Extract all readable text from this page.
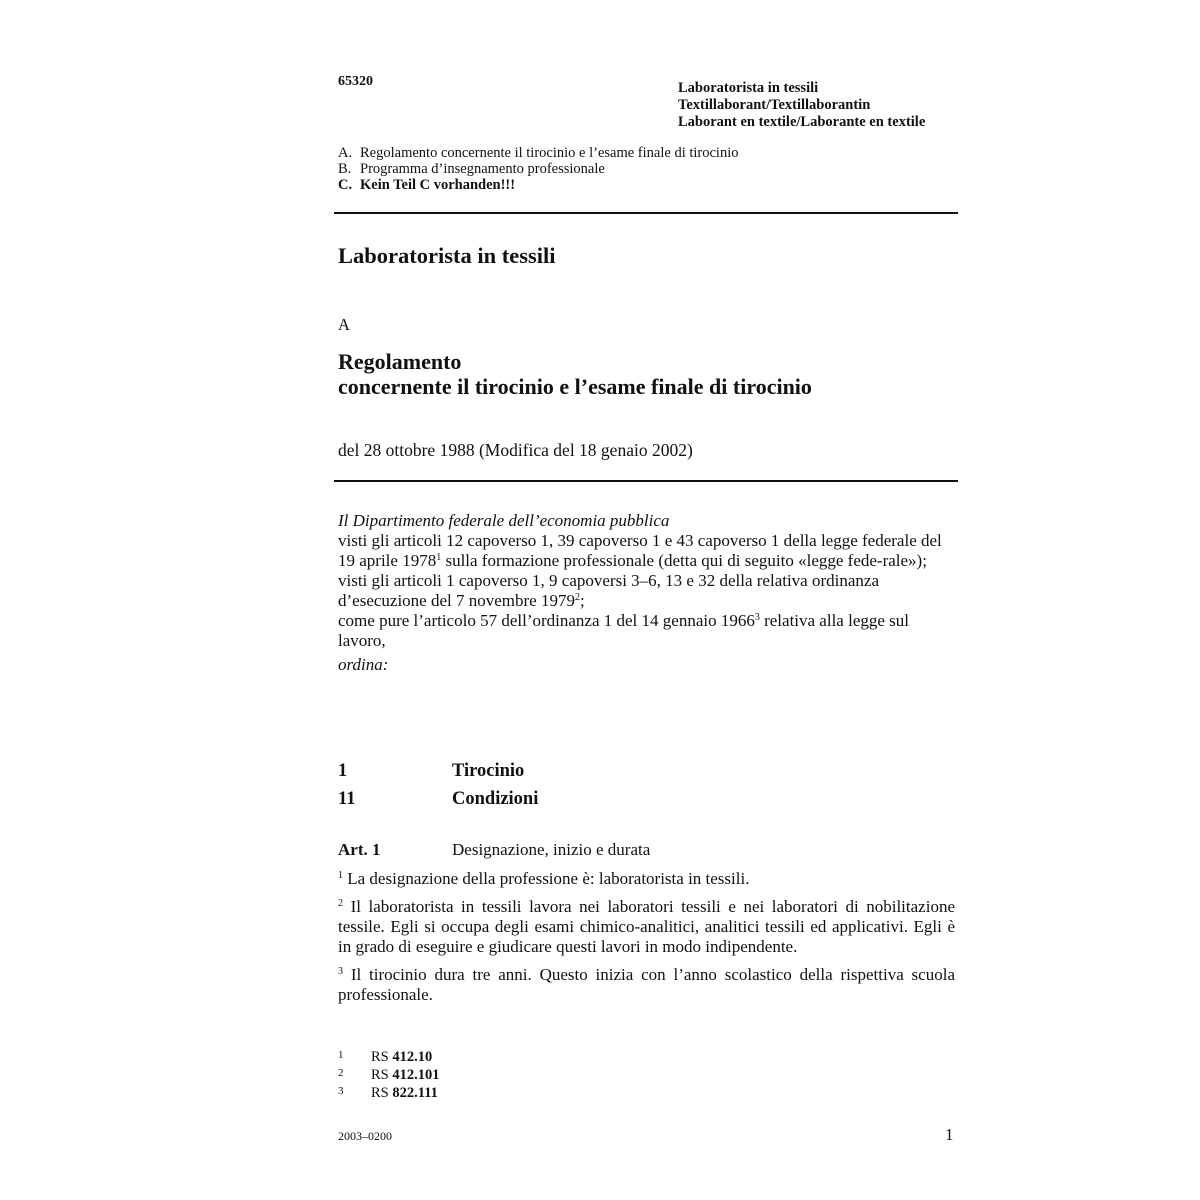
65320	Laboratorista in tessili
Textillaborant/Textillaborantin
Laborant en textile/Laborante en textile
A. Regolamento concernente il tirocinio e l’esame finale di tirocinio
B. Programma d’insegnamento professionale
C. Kein Teil C vorhanden!!!
Laboratorista in tessili
A
Regolamento
concernente il tirocinio e l’esame finale di tirocinio
del 28 ottobre 1988 (Modifica del 18 genaio 2002)

Il Dipartimento federale dell’economia pubblica

visti gli articoli 12 capoverso 1, 39 capoverso 1 e 43 capoverso 1 della legge federale del 19 aprile 1978$^1$ sulla formazione professionale (detta qui di seguito «legge fede-rale»);

visti gli articoli 1 capoverso 1, 9 capoversi 3–6, 13 e 32 della relativa ordinanza d’esecuzione del 7 novembre 1979$^2$;

come pure l’articolo 57 dell’ordinanza 1 del 14 gennaio 1966$^3$ relativa alla legge sul lavoro,

ordina:

1	Tirocinio
11	Condizioni
Art. 1	Designazione, inizio e durata
$^1$ La designazione della professione è: laboratorista in tessili.
$^2$ Il laboratorista in tessili lavora nei laboratori tessili e nei laboratori di nobilitazione tessile. Egli si occupa degli esami chimico-analitici, analitici tessili ed applicativi. Egli è in grado di eseguire e giudicare questi lavori in modo indipendente.
$^3$ Il tirocinio dura tre anni. Questo inizia con l’anno scolastico della rispettiva scuola professionale.
1 RS 412.10
2 RS 412.101
3 RS 822.111
2003–0200	1
